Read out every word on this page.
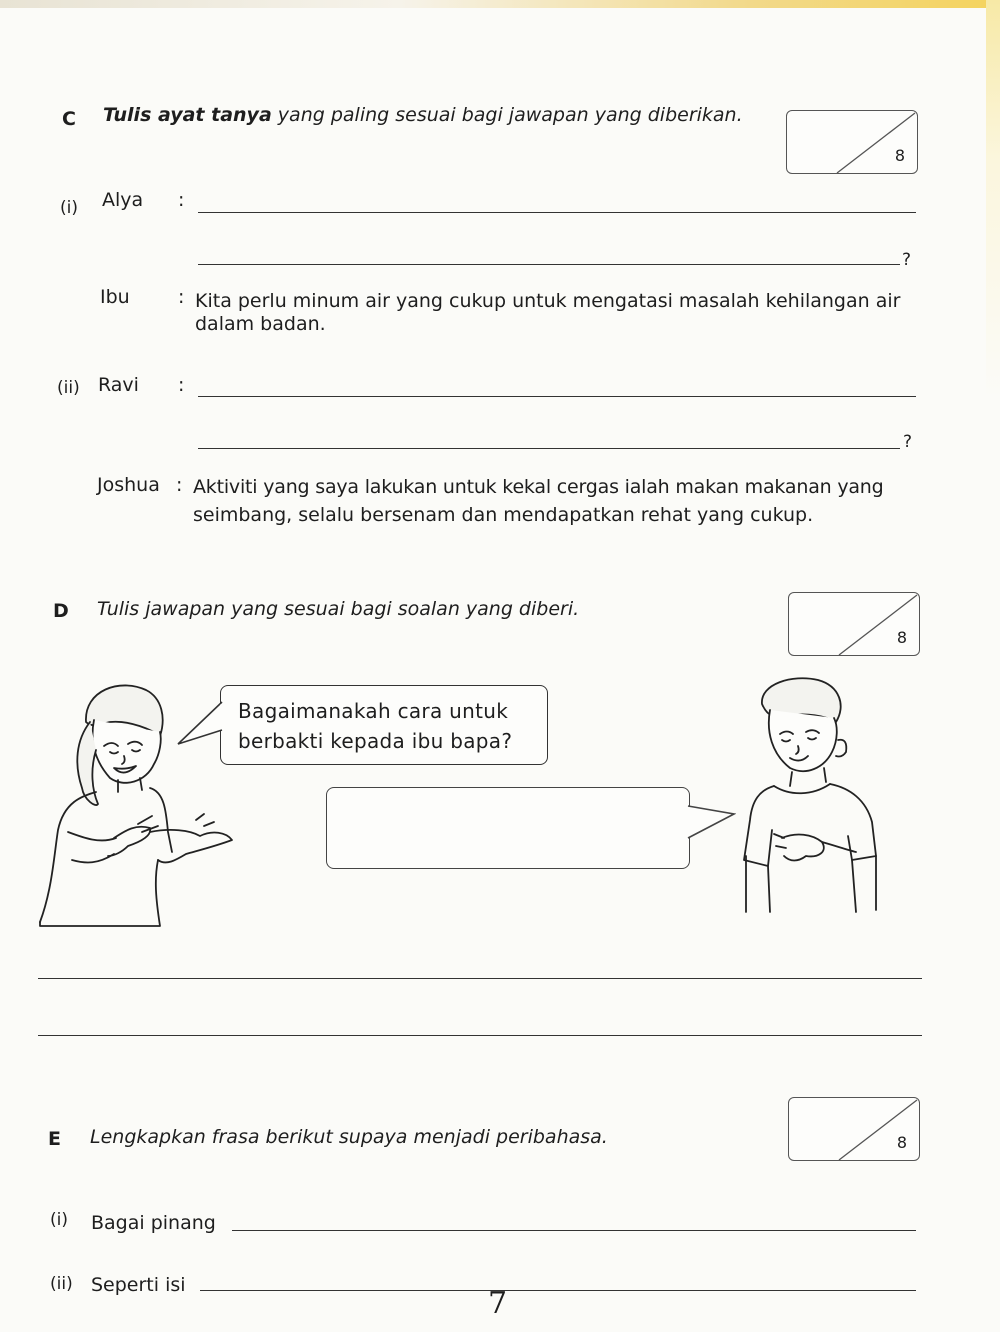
C Tulis ayat tanya yang paling sesuai bagi jawapan yang diberikan.
8
(i) Alya :
?
Ibu	: Kita perlu minum air yang cukup untuk mengatasi masalah kehilangan air
dalam badan.
(ii) Ravi :
?
Joshua : Aktiviti yang saya lakukan untuk kekal cergas ialah makan makanan yang
seimbang, selalu bersenam dan mendapatkan rehat yang cukup.
D Tulis jawapan yang sesuai bagi soalan yang diberi.
8
Bagaimanakah cara untuk
berbakti kepada ibu bapa?
E Lengkapkan frasa berikut supaya menjadi peribahasa.	8
(i) Bagai pinang
(ii) Seperti isi
7
